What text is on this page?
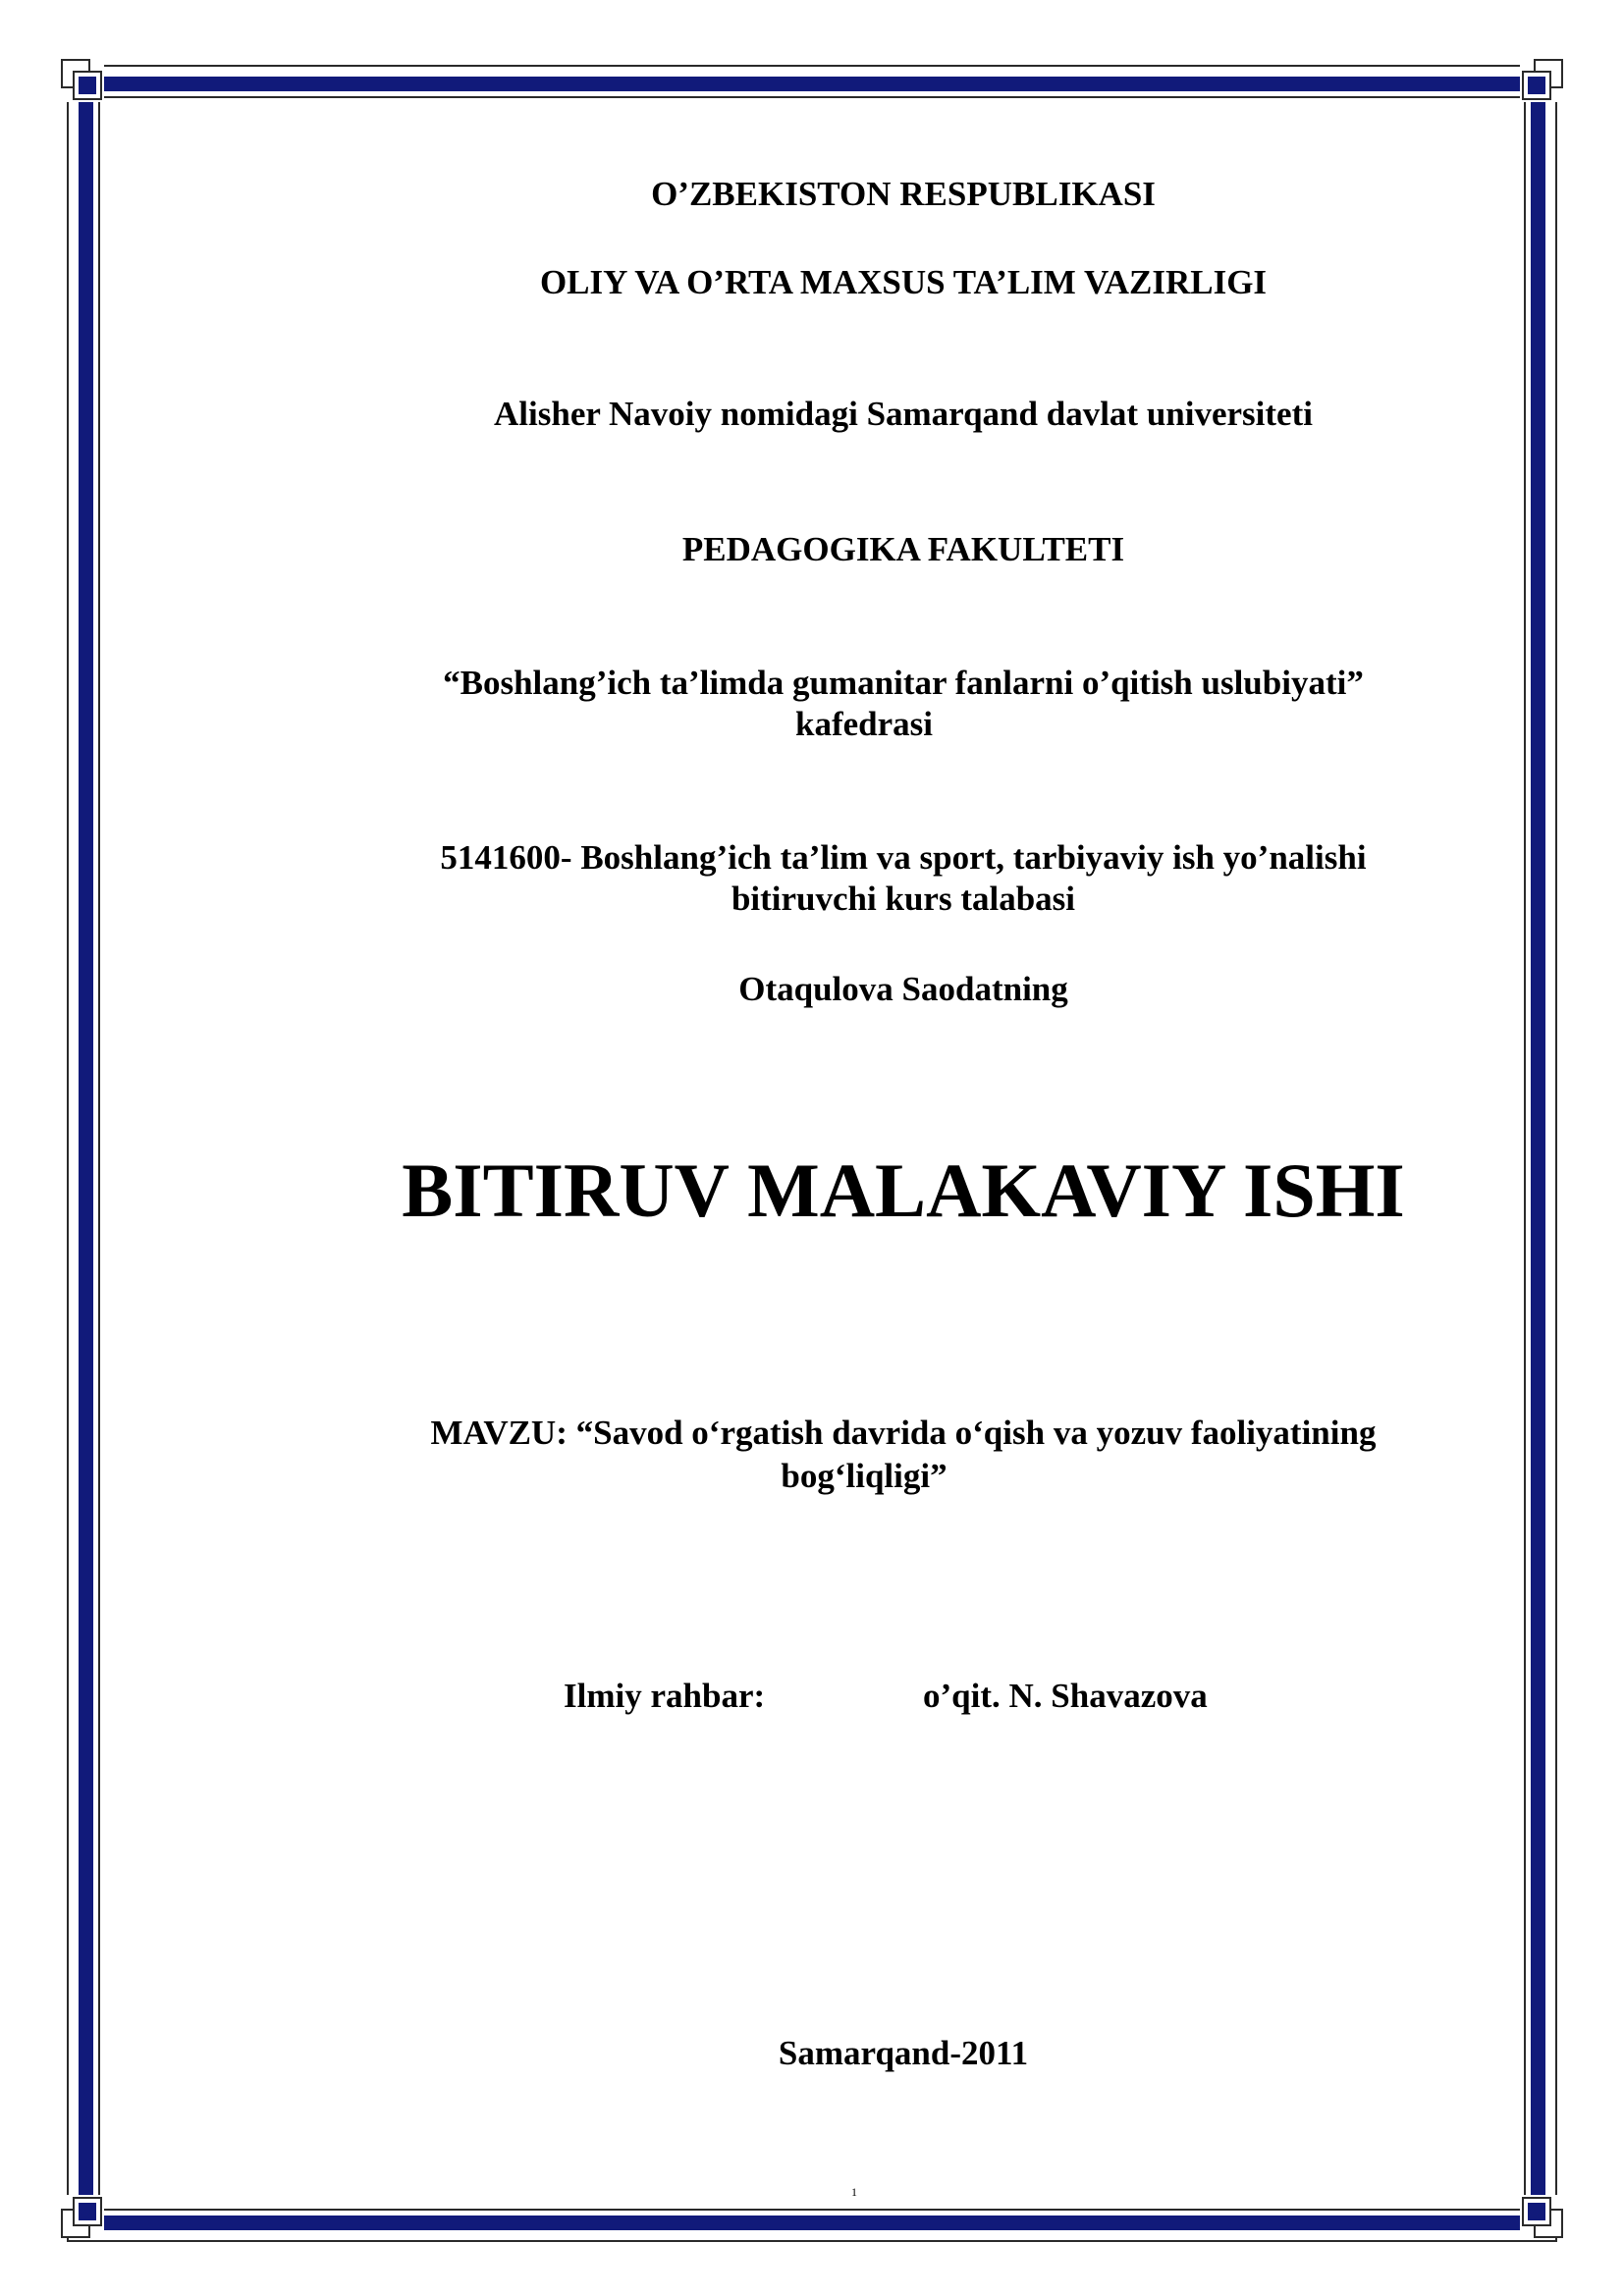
O’ZBEKISTON RESPUBLIKASI
OLIY VA O’RTA MAXSUS TA’LIM VAZIRLIGI
Alisher Navoiy nomidagi Samarqand davlat universiteti
PEDAGOGIKA FAKULTETI
“Boshlang’ich ta’limda gumanitar fanlarni o’qitish uslubiyati”
kafedrasi
5141600- Boshlang’ich ta’lim va sport, tarbiyaviy ish yo’nalishi
bitiruvchi kurs talabasi
Otaqulova Saodatning
BITIRUV MALAKAVIY ISHI
MAVZU: “Savod o‘rgatish davrida o‘qish va yozuv faoliyatining
bog‘liqligi”
Ilmiy rahbar:	o’qit. N. Shavazova
Samarqand-2011
1
